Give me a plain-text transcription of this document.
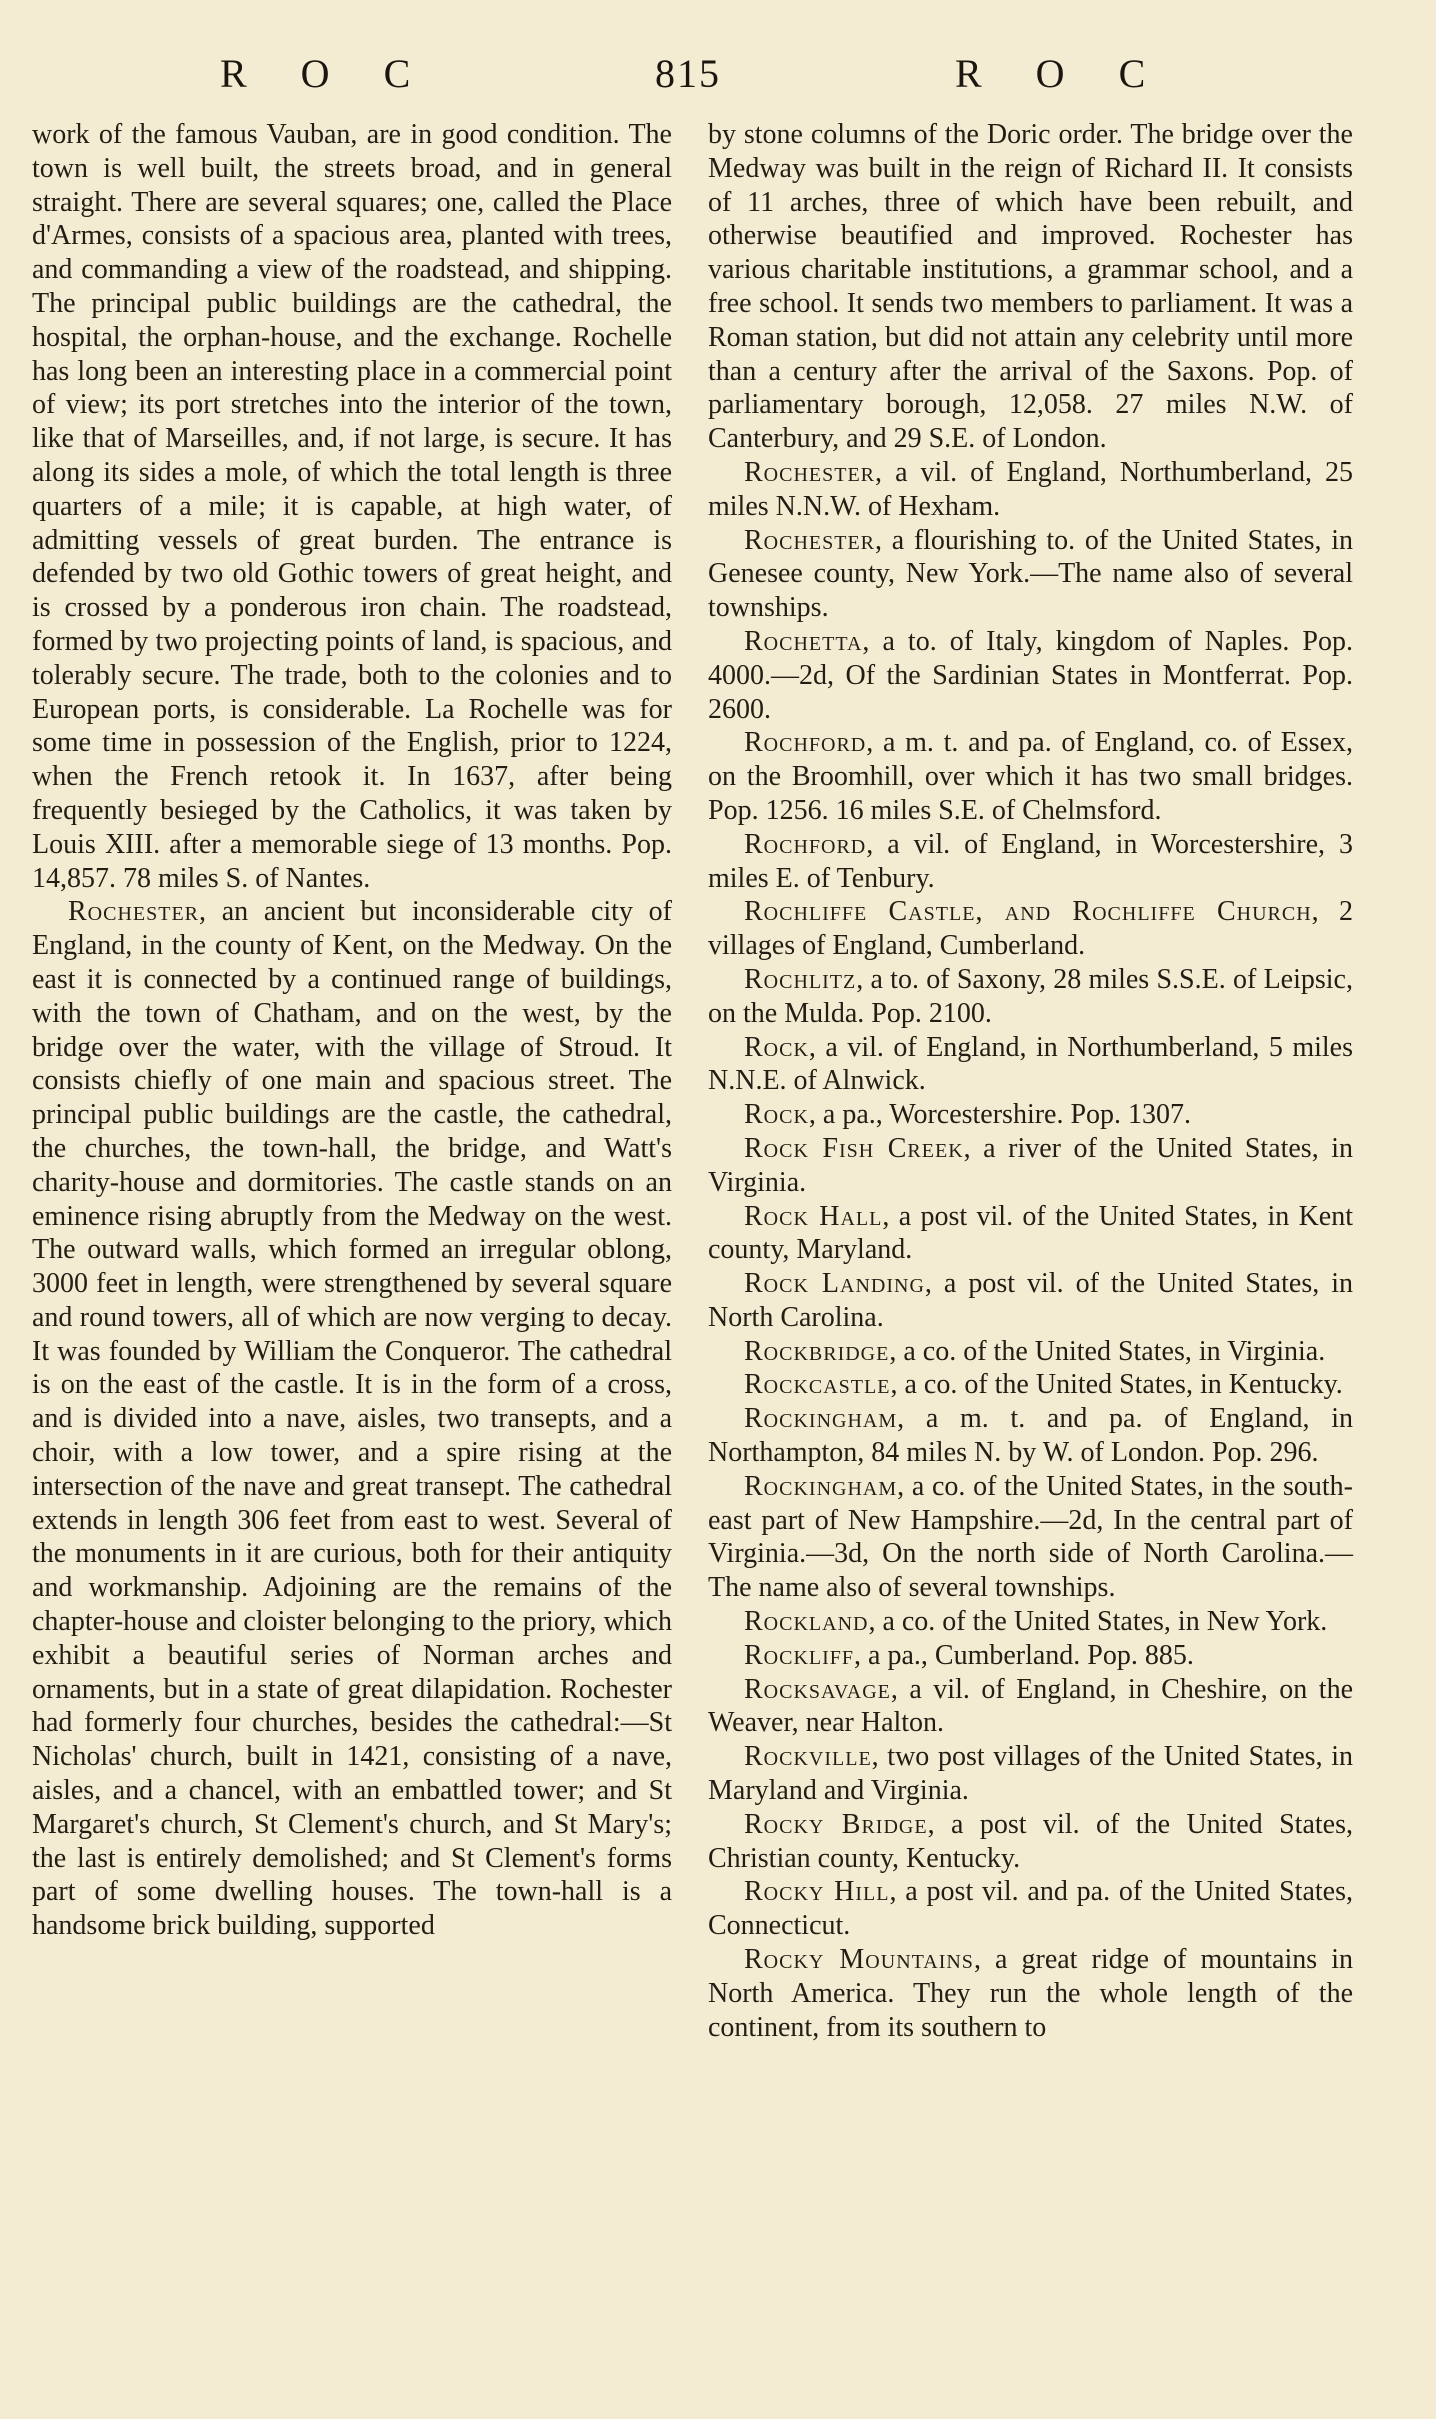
R O C	815	R O C

work of the famous Vauban, are in good condition. The town is well built, the streets broad, and in general straight. There are several squares; one, called the Place d'Armes, consists of a spacious area, planted with trees, and commanding a view of the roadstead, and shipping. The principal public buildings are the cathedral, the hospital, the orphan-house, and the exchange. Rochelle has long been an interesting place in a commercial point of view; its port stretches into the interior of the town, like that of Marseilles, and, if not large, is secure. It has along its sides a mole, of which the total length is three quarters of a mile; it is capable, at high water, of admitting vessels of great burden. The entrance is defended by two old Gothic towers of great height, and is crossed by a ponderous iron chain. The roadstead, formed by two projecting points of land, is spacious, and tolerably secure. The trade, both to the colonies and to European ports, is considerable. La Rochelle was for some time in possession of the English, prior to 1224, when the French retook it. In 1637, after being frequently besieged by the Catholics, it was taken by Louis XIII. after a memorable siege of 13 months. Pop. 14,857. 78 miles S. of Nantes.

Rochester, an ancient but inconsiderable city of England, in the county of Kent, on the Medway. On the east it is connected by a continued range of buildings, with the town of Chatham, and on the west, by the bridge over the water, with the village of Stroud. It consists chiefly of one main and spacious street. The principal public buildings are the castle, the cathedral, the churches, the town-hall, the bridge, and Watt's charity-house and dormitories. The castle stands on an eminence rising abruptly from the Medway on the west. The outward walls, which formed an irregular oblong, 3000 feet in length, were strengthened by several square and round towers, all of which are now verging to decay. It was founded by William the Conqueror. The cathedral is on the east of the castle. It is in the form of a cross, and is divided into a nave, aisles, two transepts, and a choir, with a low tower, and a spire rising at the intersection of the nave and great transept. The cathedral extends in length 306 feet from east to west. Several of the monuments in it are curious, both for their antiquity and workmanship. Adjoining are the remains of the chapter-house and cloister belonging to the priory, which exhibit a beautiful series of Norman arches and ornaments, but in a state of great dilapidation. Rochester had formerly four churches, besides the cathedral:—St Nicholas' church, built in 1421, consisting of a nave, aisles, and a chancel, with an embattled tower; and St Margaret's church, St Clement's church, and St Mary's; the last is entirely demolished; and St Clement's forms part of some dwelling houses. The town-hall is a handsome brick building, supported

by stone columns of the Doric order. The bridge over the Medway was built in the reign of Richard II. It consists of 11 arches, three of which have been rebuilt, and otherwise beautified and improved. Rochester has various charitable institutions, a grammar school, and a free school. It sends two members to parliament. It was a Roman station, but did not attain any celebrity until more than a century after the arrival of the Saxons. Pop. of parliamentary borough, 12,058. 27 miles N.W. of Canterbury, and 29 S.E. of London.

Rochester, a vil. of England, Northumberland, 25 miles N.N.W. of Hexham.

Rochester, a flourishing to. of the United States, in Genesee county, New York.—The name also of several townships.

Rochetta, a to. of Italy, kingdom of Naples. Pop. 4000.—2d, Of the Sardinian States in Montferrat. Pop. 2600.

Rochford, a m. t. and pa. of England, co. of Essex, on the Broomhill, over which it has two small bridges. Pop. 1256. 16 miles S.E. of Chelmsford.

Rochford, a vil. of England, in Worcestershire, 3 miles E. of Tenbury.

Rochliffe Castle, and Rochliffe Church, 2 villages of England, Cumberland.

Rochlitz, a to. of Saxony, 28 miles S.S.E. of Leipsic, on the Mulda. Pop. 2100.

Rock, a vil. of England, in Northumberland, 5 miles N.N.E. of Alnwick.

Rock, a pa., Worcestershire. Pop. 1307.

Rock Fish Creek, a river of the United States, in Virginia.

Rock Hall, a post vil. of the United States, in Kent county, Maryland.

Rock Landing, a post vil. of the United States, in North Carolina.

Rockbridge, a co. of the United States, in Virginia.

Rockcastle, a co. of the United States, in Kentucky.

Rockingham, a m. t. and pa. of England, in Northampton, 84 miles N. by W. of London. Pop. 296.

Rockingham, a co. of the United States, in the south-east part of New Hampshire.—2d, In the central part of Virginia.—3d, On the north side of North Carolina.—The name also of several townships.

Rockland, a co. of the United States, in New York.

Rockliff, a pa., Cumberland. Pop. 885.

Rocksavage, a vil. of England, in Cheshire, on the Weaver, near Halton.

Rockville, two post villages of the United States, in Maryland and Virginia.

Rocky Bridge, a post vil. of the United States, Christian county, Kentucky.

Rocky Hill, a post vil. and pa. of the United States, Connecticut.

Rocky Mountains, a great ridge of mountains in North America. They run the whole length of the continent, from its southern to
